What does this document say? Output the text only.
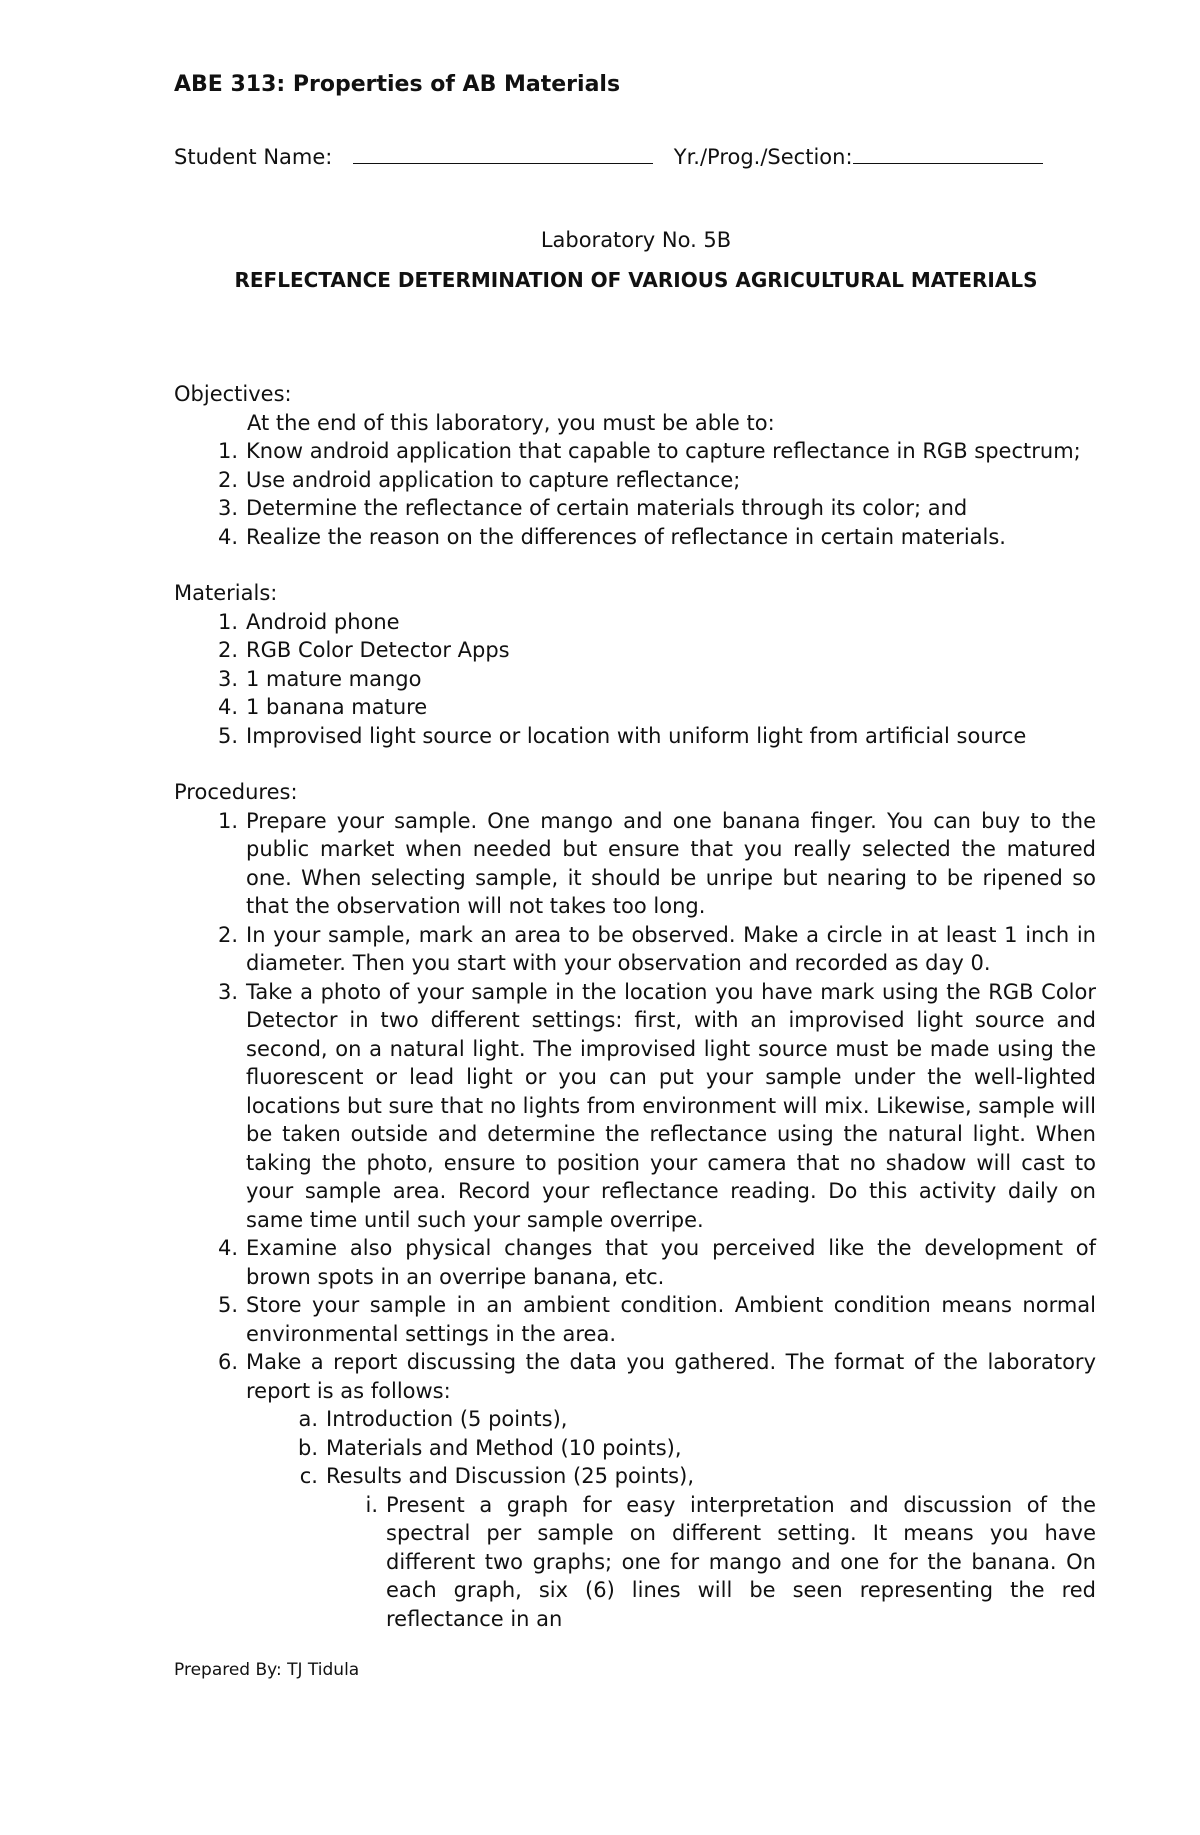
ABE 313: Properties of AB Materials
Student Name:	Yr./Prog./Section:
Laboratory No. 5B
REFLECTANCE DETERMINATION OF VARIOUS AGRICULTURAL MATERIALS
Objectives:
At the end of this laboratory, you must be able to:
1. Know android application that capable to capture reflectance in RGB spectrum;
2. Use android application to capture reflectance;
3. Determine the reflectance of certain materials through its color; and
4. Realize the reason on the differences of reflectance in certain materials.
Materials:
1. Android phone
2. RGB Color Detector Apps
3. 1 mature mango
4. 1 banana mature
5. Improvised light source or location with uniform light from artificial source
Procedures:
1. Prepare your sample. One mango and one banana finger. You can buy to the public market when needed but ensure that you really selected the matured one. When selecting sample, it should be unripe but nearing to be ripened so that the observation will not takes too long.
2. In your sample, mark an area to be observed. Make a circle in at least 1 inch in diameter. Then you start with your observation and recorded as day 0.
3. Take a photo of your sample in the location you have mark using the RGB Color Detector in two different settings: first, with an improvised light source and second, on a natural light. The improvised light source must be made using the fluorescent or lead light or you can put your sample under the well-lighted locations but sure that no lights from environment will mix. Likewise, sample will be taken outside and determine the reflectance using the natural light. When taking the photo, ensure to position your camera that no shadow will cast to your sample area. Record your reflectance reading. Do this activity daily on same time until such your sample overripe.
4. Examine also physical changes that you perceived like the development of brown spots in an overripe banana, etc.
5. Store your sample in an ambient condition. Ambient condition means normal environmental settings in the area.
6. Make a report discussing the data you gathered. The format of the laboratory report is as follows:
a. Introduction (5 points),
b. Materials and Method (10 points),
c. Results and Discussion (25 points),
i. Present a graph for easy interpretation and discussion of the spectral per sample on different setting. It means you have different two graphs; one for mango and one for the banana. On each graph, six (6) lines will be seen representing the red reflectance in an
Prepared By: TJ Tidula
